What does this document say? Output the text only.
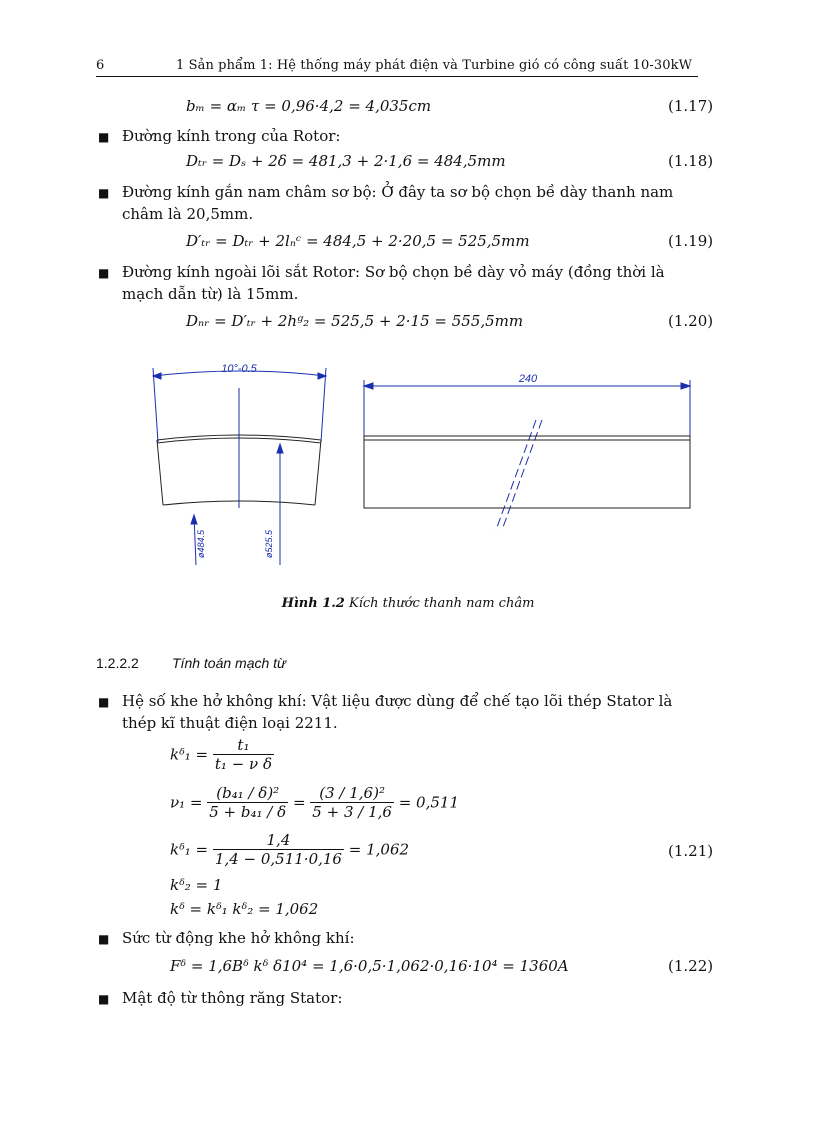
6	1 Sản phẩm 1: Hệ thống máy phát điện và Turbine gió có công suất 10-30kW
bₘ = αₘ τ = 0,96·4,2 = 4,035cm	(1.17)
■ Đường kính trong của Rotor:
Dₜᵣ = Dₛ + 2δ = 481,3 + 2·1,6 = 484,5mm	(1.18)
■ Đường kính gắn nam châm sơ bộ: Ở đây ta sơ bộ chọn bề dày thanh nam
châm là 20,5mm.
D′ₜᵣ = Dₜᵣ + 2lₙᶜ = 484,5 + 2·20,5 = 525,5mm	(1.19)
■ Đường kính ngoài lõi sắt Rotor: Sơ bộ chọn bề dày vỏ máy (đồng thời là
mạch dẫn từ) là 15mm.
Dₙᵣ = D′ₜᵣ + 2hᵍ₂ = 525,5 + 2·15 = 555,5mm	(1.20)
10°-0.5
240
ø484.5	ø525.5
Hình 1.2 Kích thước thanh nam châm
1.2.2.2 Tính toán mạch từ
■ Hệ số khe hở không khí: Vật liệu được dùng để chế tạo lõi thép Stator là
thép kĩ thuật điện loại 2211.
kᵟ₁ = $\frac{\text{t₁}}{\text{t₁ − ν δ}}$
$\nu_1 = \frac{\text{(b₄₁ / δ)²}}{\text{5 + b₄₁ / δ}} = \frac{\text{(3 / 1,6)²}}{5 + 3 / 1,6} = 0,511$
kᵟ₁ = $\frac{1,4}{1,4 - 0,511\cdot 0,16} = 1,062$	(1.21)
kᵟ₂ = 1
kᵟ = kᵟ₁ kᵟ₂ = 1,062
■ Sức từ động khe hở không khí:
Fᵟ = 1,6Bᵟ kᵟ δ10⁴ = 1,6·0,5·1,062·0,16·10⁴ = 1360A	(1.22)
■ Mật độ từ thông răng Stator:
